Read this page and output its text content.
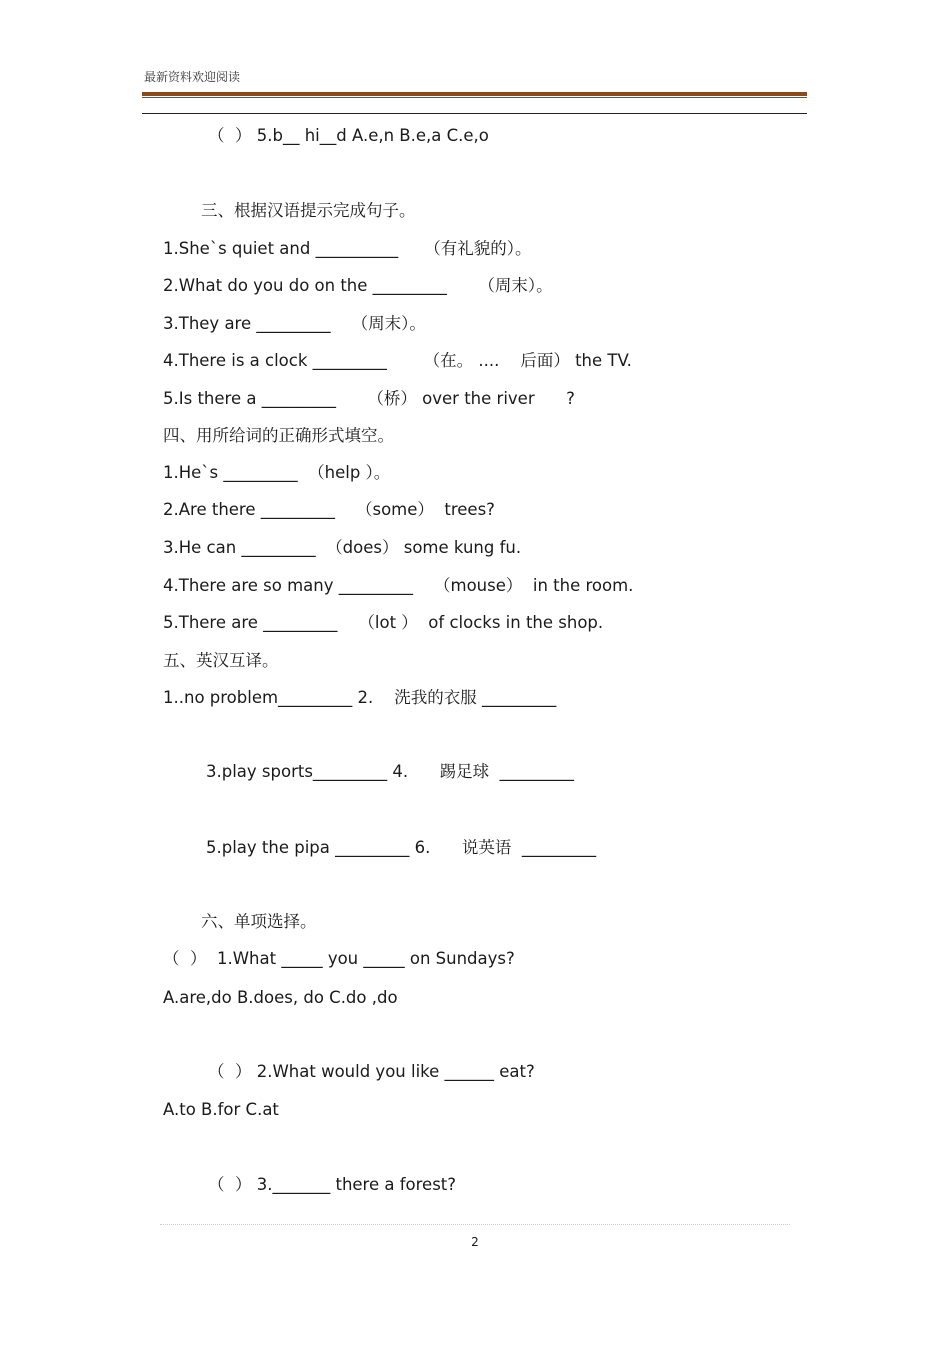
最新资料欢迎阅读
（  ） 5.b__ hi__d A.e,n B.e,a C.e,o
三、根据汉语提示完成句子。
1.She`s quiet and __________     （有礼貌的）。
2.What do you do on the _________      （周末）。
3.They are _________    （周末）。
4.There is a clock _________       （在。 ....    后面） the TV.
5.Is there a _________      （桥） over the river      ?
四、用所给词的正确形式填空。
1.He`s _________  （help ）。
2.Are there _________    （some）  trees?
3.He can _________  （does） some kung fu.
4.There are so many _________    （mouse）  in the room.
5.There are _________    （lot ）  of clocks in the shop.
五、英汉互译。
1..no problem_________ 2.    洗我的衣服 _________
3.play sports_________ 4.      踢足球  _________
5.play the pipa _________ 6.      说英语  _________
六、单项选择。
（  ）  1.What _____ you _____ on Sundays?
A.are,do B.does, do C.do ,do
（  ） 2.What would you like ______ eat?
A.to B.for C.at
（  ） 3._______ there a forest?
2
